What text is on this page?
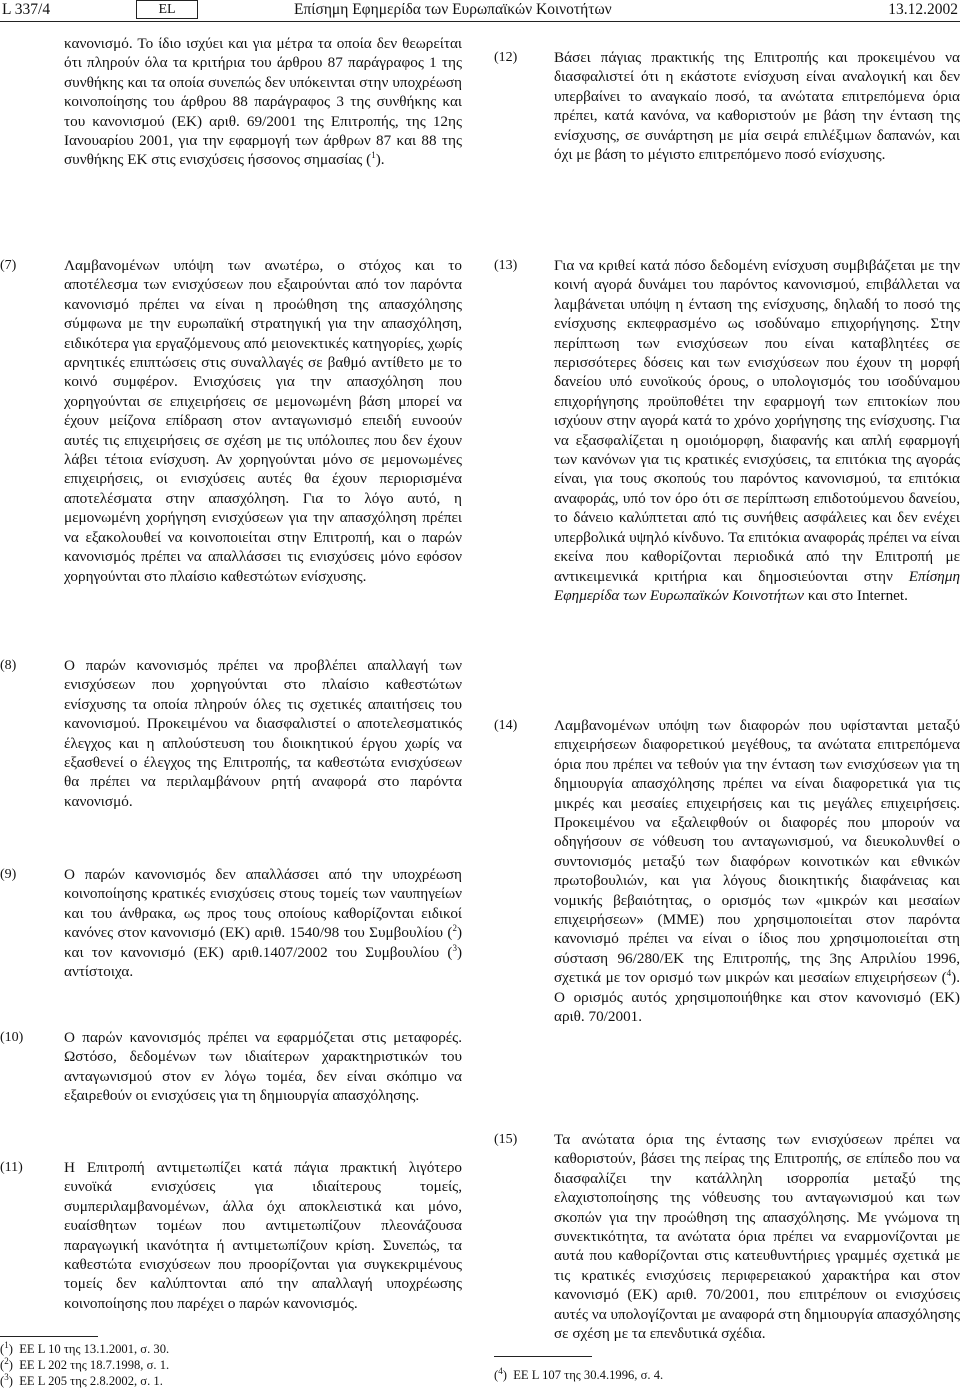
L 337/4	EL	Επίσημη Εφημερίδα των Ευρωπαϊκών Κοινοτήτων	13.12.2002
κανονισμό. Το ίδιο ισχύει και για μέτρα τα οποία δεν θεωρείται ότι πληρούν όλα τα κριτήρια του άρθρου 87 παράγραφος 1 της συνθήκης και τα οποία συνεπώς δεν υπόκεινται στην υποχρέωση κοινοποίησης του άρθρου 88 παράγραφος 3 της συνθήκης και του κανονισμού (ΕΚ) αριθ. 69/2001 της Επιτροπής, της 12ης Ιανουαρίου 2001, για την εφαρμογή των άρθρων 87 και 88 της συνθήκης ΕΚ στις ενισχύσεις ήσσονος σημασίας ($^1$).
(7)	Λαμβανομένων υπόψη των ανωτέρω, ο στόχος και το αποτέλεσμα των ενισχύσεων που εξαιρούνται από τον παρόντα κανονισμό πρέπει να είναι η προώθηση της απασχόλησης σύμφωνα με την ευρωπαϊκή στρατηγική για την απασχόληση, ειδικότερα για εργαζόμενους από μειονεκτικές κατηγορίες, χωρίς αρνητικές επιπτώσεις στις συναλλαγές σε βαθμό αντίθετο με το κοινό συμφέρον. Ενισχύσεις για την απασχόληση που χορηγούνται σε επιχειρήσεις σε μεμονωμένη βάση μπορεί να έχουν μείζονα επίδραση στον ανταγωνισμό επειδή ευνοούν αυτές τις επιχειρήσεις σε σχέση με τις υπόλοιπες που δεν έχουν λάβει τέτοια ενίσχυση. Αν χορηγούνται μόνο σε μεμονωμένες επιχειρήσεις, οι ενισχύσεις αυτές θα έχουν περιορισμένα αποτελέσματα στην απασχόληση. Για το λόγο αυτό, η μεμονωμένη χορήγηση ενισχύσεων για την απασχόληση πρέπει να εξακολουθεί να κοινοποιείται στην Επιτροπή, και ο παρών κανονισμός πρέπει να απαλλάσσει τις ενισχύσεις μόνο εφόσον χορηγούνται στο πλαίσιο καθεστώτων ενίσχυσης.
(8)	Ο παρών κανονισμός πρέπει να προβλέπει απαλλαγή των ενισχύσεων που χορηγούνται στο πλαίσιο καθεστώτων ενίσχυσης τα οποία πληρούν όλες τις σχετικές απαιτήσεις του κανονισμού. Προκειμένου να διασφαλιστεί ο αποτελεσματικός έλεγχος και η απλούστευση του διοικητικού έργου χωρίς να εξασθενεί ο έλεγχος της Επιτροπής, τα καθεστώτα ενισχύσεων θα πρέπει να περιλαμβάνουν ρητή αναφορά στο παρόντα κανονισμό.
(9)	Ο παρών κανονισμός δεν απαλλάσσει από την υποχρέωση κοινοποίησης κρατικές ενισχύσεις στους τομείς των ναυπηγείων και του άνθρακα, ως προς τους οποίους καθορίζονται ειδικοί κανόνες στον κανονισμό (ΕΚ) αριθ. 1540/98 του Συμβουλίου ($^2$) και τον κανονισμό (ΕΚ) αριθ.1407/2002 του Συμβουλίου ($^3$) αντίστοιχα.
(10)	Ο παρών κανονισμός πρέπει να εφαρμόζεται στις μεταφορές. Ωστόσο, δεδομένων των ιδιαίτερων χαρακτηριστικών του ανταγωνισμού στον εν λόγω τομέα, δεν είναι σκόπιμο να εξαιρεθούν οι ενισχύσεις για τη δημιουργία απασχόλησης.
(11)	Η Επιτροπή αντιμετωπίζει κατά πάγια πρακτική λιγότερο ευνοϊκά ενισχύσεις για ιδιαίτερους τομείς, συμπεριλαμβανομένων, άλλα όχι αποκλειστικά και μόνο, ευαίσθητων τομέων που αντιμετωπίζουν πλεονάζουσα παραγωγική ικανότητα ή αντιμετωπίζουν κρίση. Συνεπώς, τα καθεστώτα ενισχύσεων που προορίζονται για συγκεκριμένους τομείς δεν καλύπτονται από την απαλλαγή υποχρέωσης κοινοποίησης που παρέχει ο παρών κανονισμός.
($^1$)  ΕΕ L 10 της 13.1.2001, σ. 30.
($^2$)  ΕΕ L 202 της 18.7.1998, σ. 1.
($^3$)  ΕΕ L 205 της 2.8.2002, σ. 1.
(12) Βάσει πάγιας πρακτικής της Επιτροπής και προκειμένου να διασφαλιστεί ότι η εκάστοτε ενίσχυση είναι αναλογική και δεν υπερβαίνει το αναγκαίο ποσό, τα ανώτατα επιτρεπόμενα όρια πρέπει, κατά κανόνα, να καθοριστούν με βάση την ένταση της ενίσχυσης, σε συνάρτηση με μία σειρά επιλέξιμων δαπανών, και όχι με βάση το μέγιστο επιτρεπόμενο ποσό ενίσχυσης.
(13) Για να κριθεί κατά πόσο δεδομένη ενίσχυση συμβιβάζεται με την κοινή αγορά δυνάμει του παρόντος κανονισμού, επιβάλλεται να λαμβάνεται υπόψη η ένταση της ενίσχυσης, δηλαδή το ποσό της ενίσχυσης εκπεφρασμένο ως ισοδύναμο επιχορήγησης. Στην περίπτωση των ενισχύσεων που είναι καταβλητέες σε περισσότερες δόσεις και των ενισχύσεων που έχουν τη μορφή δανείου υπό ευνοϊκούς όρους, ο υπολογισμός του ισοδύναμου επιχορήγησης προϋποθέτει την εφαρμογή των επιτοκίων που ισχύουν στην αγορά κατά το χρόνο χορήγησης της ενίσχυσης. Για να εξασφαλίζεται η ομοιόμορφη, διαφανής και απλή εφαρμογή των κανόνων για τις κρατικές ενισχύσεις, τα επιτόκια της αγοράς είναι, για τους σκοπούς του παρόντος κανονισμού, τα επιτόκια αναφοράς, υπό τον όρο ότι σε περίπτωση επιδοτούμενου δανείου, το δάνειο καλύπτεται από τις συνήθεις ασφάλειες και δεν ενέχει υπερβολικά υψηλό κίνδυνο. Τα επιτόκια αναφοράς πρέπει να είναι εκείνα που καθορίζονται περιοδικά από την Επιτροπή με αντικειμενικά κριτήρια και δημοσιεύονται στην Επίσημη Εφημερίδα των Ευρωπαϊκών Κοινοτήτων και στο Internet.
(14) Λαμβανομένων υπόψη των διαφορών που υφίστανται μεταξύ επιχειρήσεων διαφορετικού μεγέθους, τα ανώτατα επιτρεπόμενα όρια που πρέπει να τεθούν για την ένταση των ενισχύσεων για τη δημιουργία απασχόλησης πρέπει να είναι διαφορετικά για τις μικρές και μεσαίες επιχειρήσεις και τις μεγάλες επιχειρήσεις. Προκειμένου να εξαλειφθούν οι διαφορές που μπορούν να οδηγήσουν σε νόθευση του ανταγωνισμού, να διευκολυνθεί ο συντονισμός μεταξύ των διαφόρων κοινοτικών και εθνικών πρωτοβουλιών, και για λόγους διοικητικής διαφάνειας και νομικής βεβαιότητας, ο ορισμός των «μικρών και μεσαίων επιχειρήσεων» (ΜΜΕ) που χρησιμοποιείται στον παρόντα κανονισμό πρέπει να είναι ο ίδιος που χρησιμοποιείται στη σύσταση 96/280/ΕΚ της Επιτροπής, της 3ης Απριλίου 1996, σχετικά με τον ορισμό των μικρών και μεσαίων επιχειρήσεων ($^4$). Ο ορισμός αυτός χρησιμοποιήθηκε και στον κανονισμό (ΕΚ) αριθ. 70/2001.
(15) Τα ανώτατα όρια της έντασης των ενισχύσεων πρέπει να καθοριστούν, βάσει της πείρας της Επιτροπής, σε επίπεδο που να διασφαλίζει την κατάλληλη ισορροπία μεταξύ της ελαχιστοποίησης της νόθευσης του ανταγωνισμού και των σκοπών για την προώθηση της απασχόλησης. Με γνώμονα τη συνεκτικότητα, τα ανώτατα όρια πρέπει να εναρμονίζονται με αυτά που καθορίζονται στις κατευθυντήριες γραμμές σχετικά με τις κρατικές ενισχύσεις περιφερειακού χαρακτήρα και στον κανονισμό (ΕΚ) αριθ. 70/2001, που επιτρέπουν οι ενισχύσεις αυτές να υπολογίζονται με αναφορά στη δημιουργία απασχόλησης σε σχέση με τα επενδυτικά σχέδια.
($^4$)  ΕΕ L 107 της 30.4.1996, σ. 4.
